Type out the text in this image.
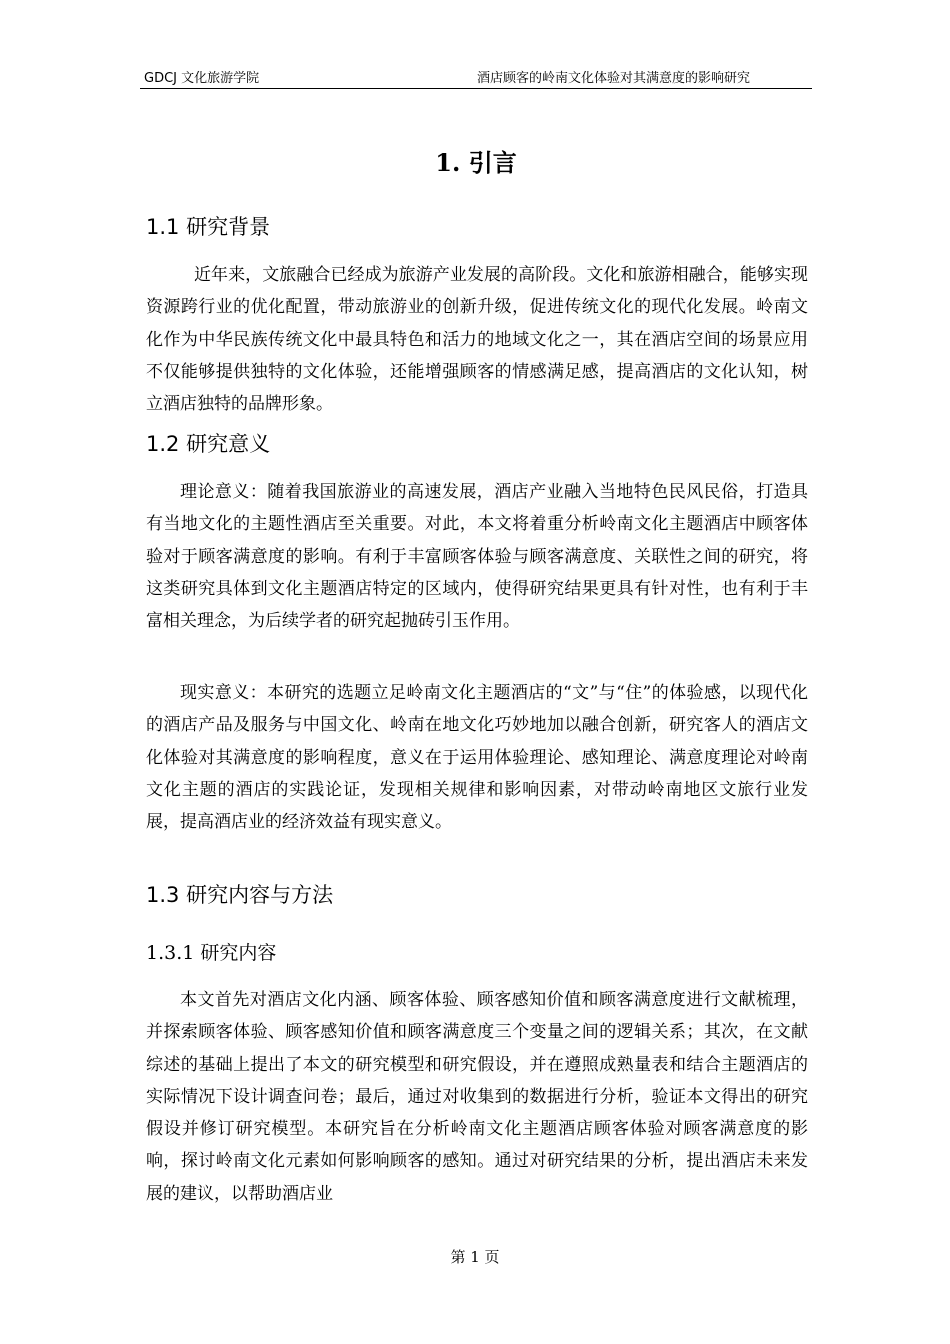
GDCJ 文化旅游学院	酒店顾客的岭南文化体验对其满意度的影响研究
1. 引言
1.1 研究背景

近年来，文旅融合已经成为旅游产业发展的高阶段。文化和旅游相融合，能够实现资源跨行业的优化配置，带动旅游业的创新升级，促进传统文化的现代化发展。岭南文化作为中华民族传统文化中最具特色和活力的地域文化之一，其在酒店空间的场景应用不仅能够提供独特的文化体验，还能增强顾客的情感满足感，提高酒店的文化认知，树立酒店独特的品牌形象。

1.2 研究意义

理论意义：随着我国旅游业的高速发展，酒店产业融入当地特色民风民俗，打造具有当地文化的主题性酒店至关重要。对此，本文将着重分析岭南文化主题酒店中顾客体验对于顾客满意度的影响。有利于丰富顾客体验与顾客满意度、关联性之间的研究，将这类研究具体到文化主题酒店特定的区域内，使得研究结果更具有针对性，也有利于丰富相关理念，为后续学者的研究起抛砖引玉作用。

现实意义：本研究的选题立足岭南文化主题酒店的“文”与“住”的体验感，以现代化的酒店产品及服务与中国文化、岭南在地文化巧妙地加以融合创新，研究客人的酒店文化体验对其满意度的影响程度，意义在于运用体验理论、感知理论、满意度理论对岭南文化主题的酒店的实践论证，发现相关规律和影响因素，对带动岭南地区文旅行业发展，提高酒店业的经济效益有现实意义。

1.3 研究内容与方法
1.3.1 研究内容

本文首先对酒店文化内涵、顾客体验、顾客感知价值和顾客满意度进行文献梳理，并探索顾客体验、顾客感知价值和顾客满意度三个变量之间的逻辑关系；其次，在文献综述的基础上提出了本文的研究模型和研究假设，并在遵照成熟量表和结合主题酒店的实际情况下设计调查问卷；最后，通过对收集到的数据进行分析，验证本文得出的研究假设并修订研究模型。本研究旨在分析岭南文化主题酒店顾客体验对顾客满意度的影响，探讨岭南文化元素如何影响顾客的感知。通过对研究结果的分析，提出酒店未来发展的建议，以帮助酒店业

第 1 页
